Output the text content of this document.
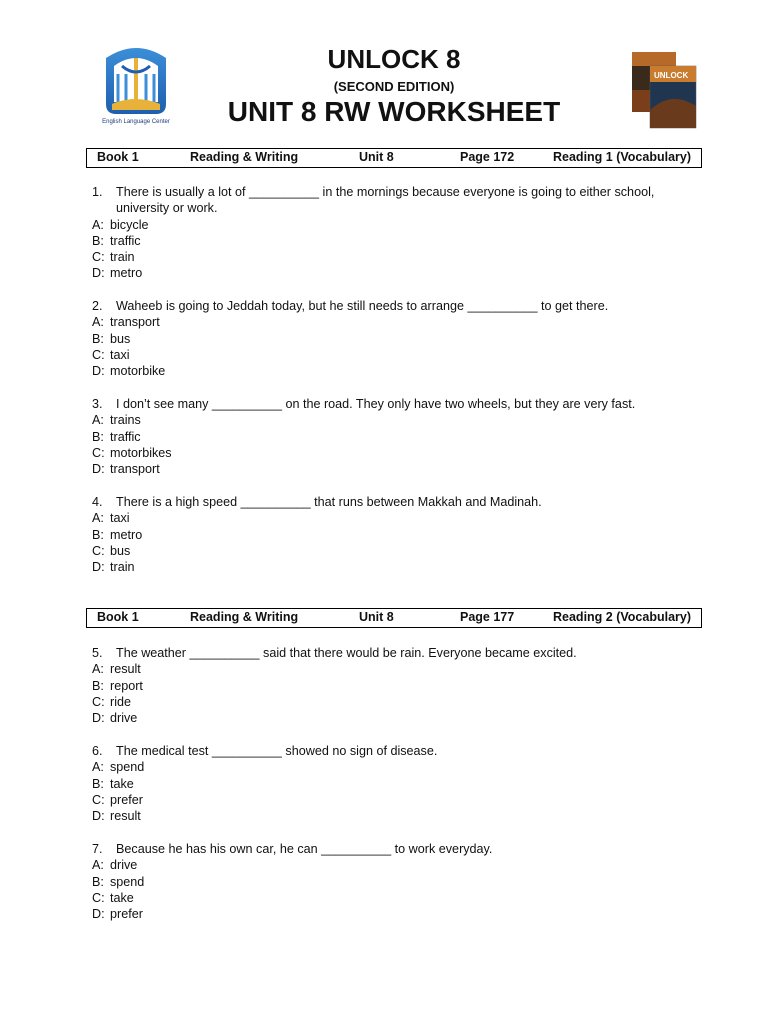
English Language Center
UNLOCK
UNLOCK 8
(SECOND EDITION)
UNIT 8 RW WORKSHEET
Book 1	Reading & Writing	Unit 8	Page 172	Reading 1 (Vocabulary)
1. There is usually a lot of __________ in the mornings because everyone is going to either school, university or work.
A: bicycle
B: traffic
C: train
D: metro
2. Waheeb is going to Jeddah today, but he still needs to arrange __________ to get there.
A: transport
B: bus
C: taxi
D: motorbike
3. I don’t see many __________ on the road. They only have two wheels, but they are very fast.
A: trains
B: traffic
C: motorbikes
D: transport
4. There is a high speed __________ that runs between Makkah and Madinah.
A: taxi
B: metro
C: bus
D: train
Book 1	Reading & Writing	Unit 8	Page 177	Reading 2 (Vocabulary)
5. The weather __________ said that there would be rain. Everyone became excited.
A: result
B: report
C: ride
D: drive
6. The medical test __________ showed no sign of disease.
A: spend
B: take
C: prefer
D: result
7. Because he has his own car, he can __________ to work everyday.
A: drive
B: spend
C: take
D: prefer
